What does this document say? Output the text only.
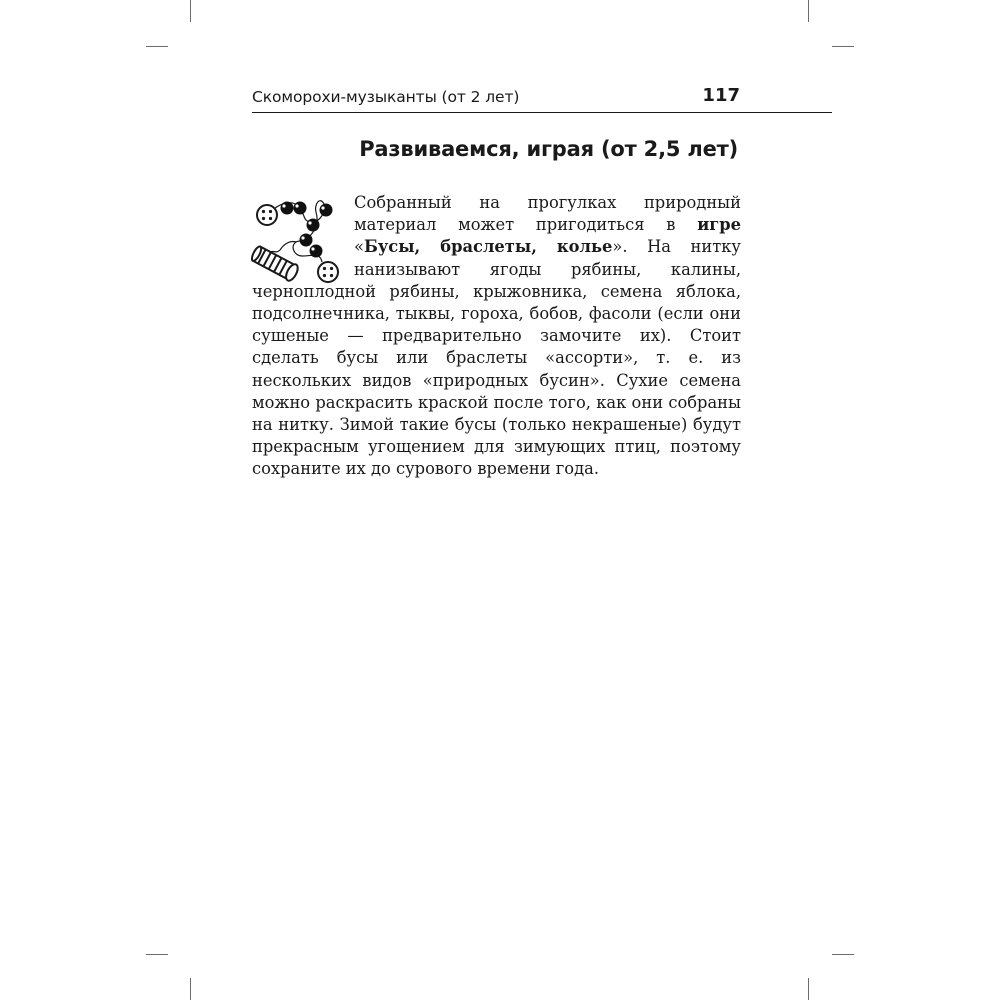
Скоморохи-музыканты (от 2 лет)	117
Развиваемся, играя (от 2,5 лет)

Собранный на прогулках природный материал может пригодиться в игре «Бусы, браслеты, колье». На нитку нанизывают ягоды рябины, калины, черноплодной рябины, крыжовника, семена яблока, подсолнечника, тыквы, гороха, бобов, фасоли (если они сушеные — предварительно замочите их). Стоит сделать бусы или браслеты «ассорти», т. е. из нескольких видов «природных бусин». Сухие семена можно раскрасить краской после того, как они собраны на нитку. Зимой такие бусы (только некрашеные) будут прекрасным угощением для зимующих птиц, поэтому сохраните их до сурового времени года.
